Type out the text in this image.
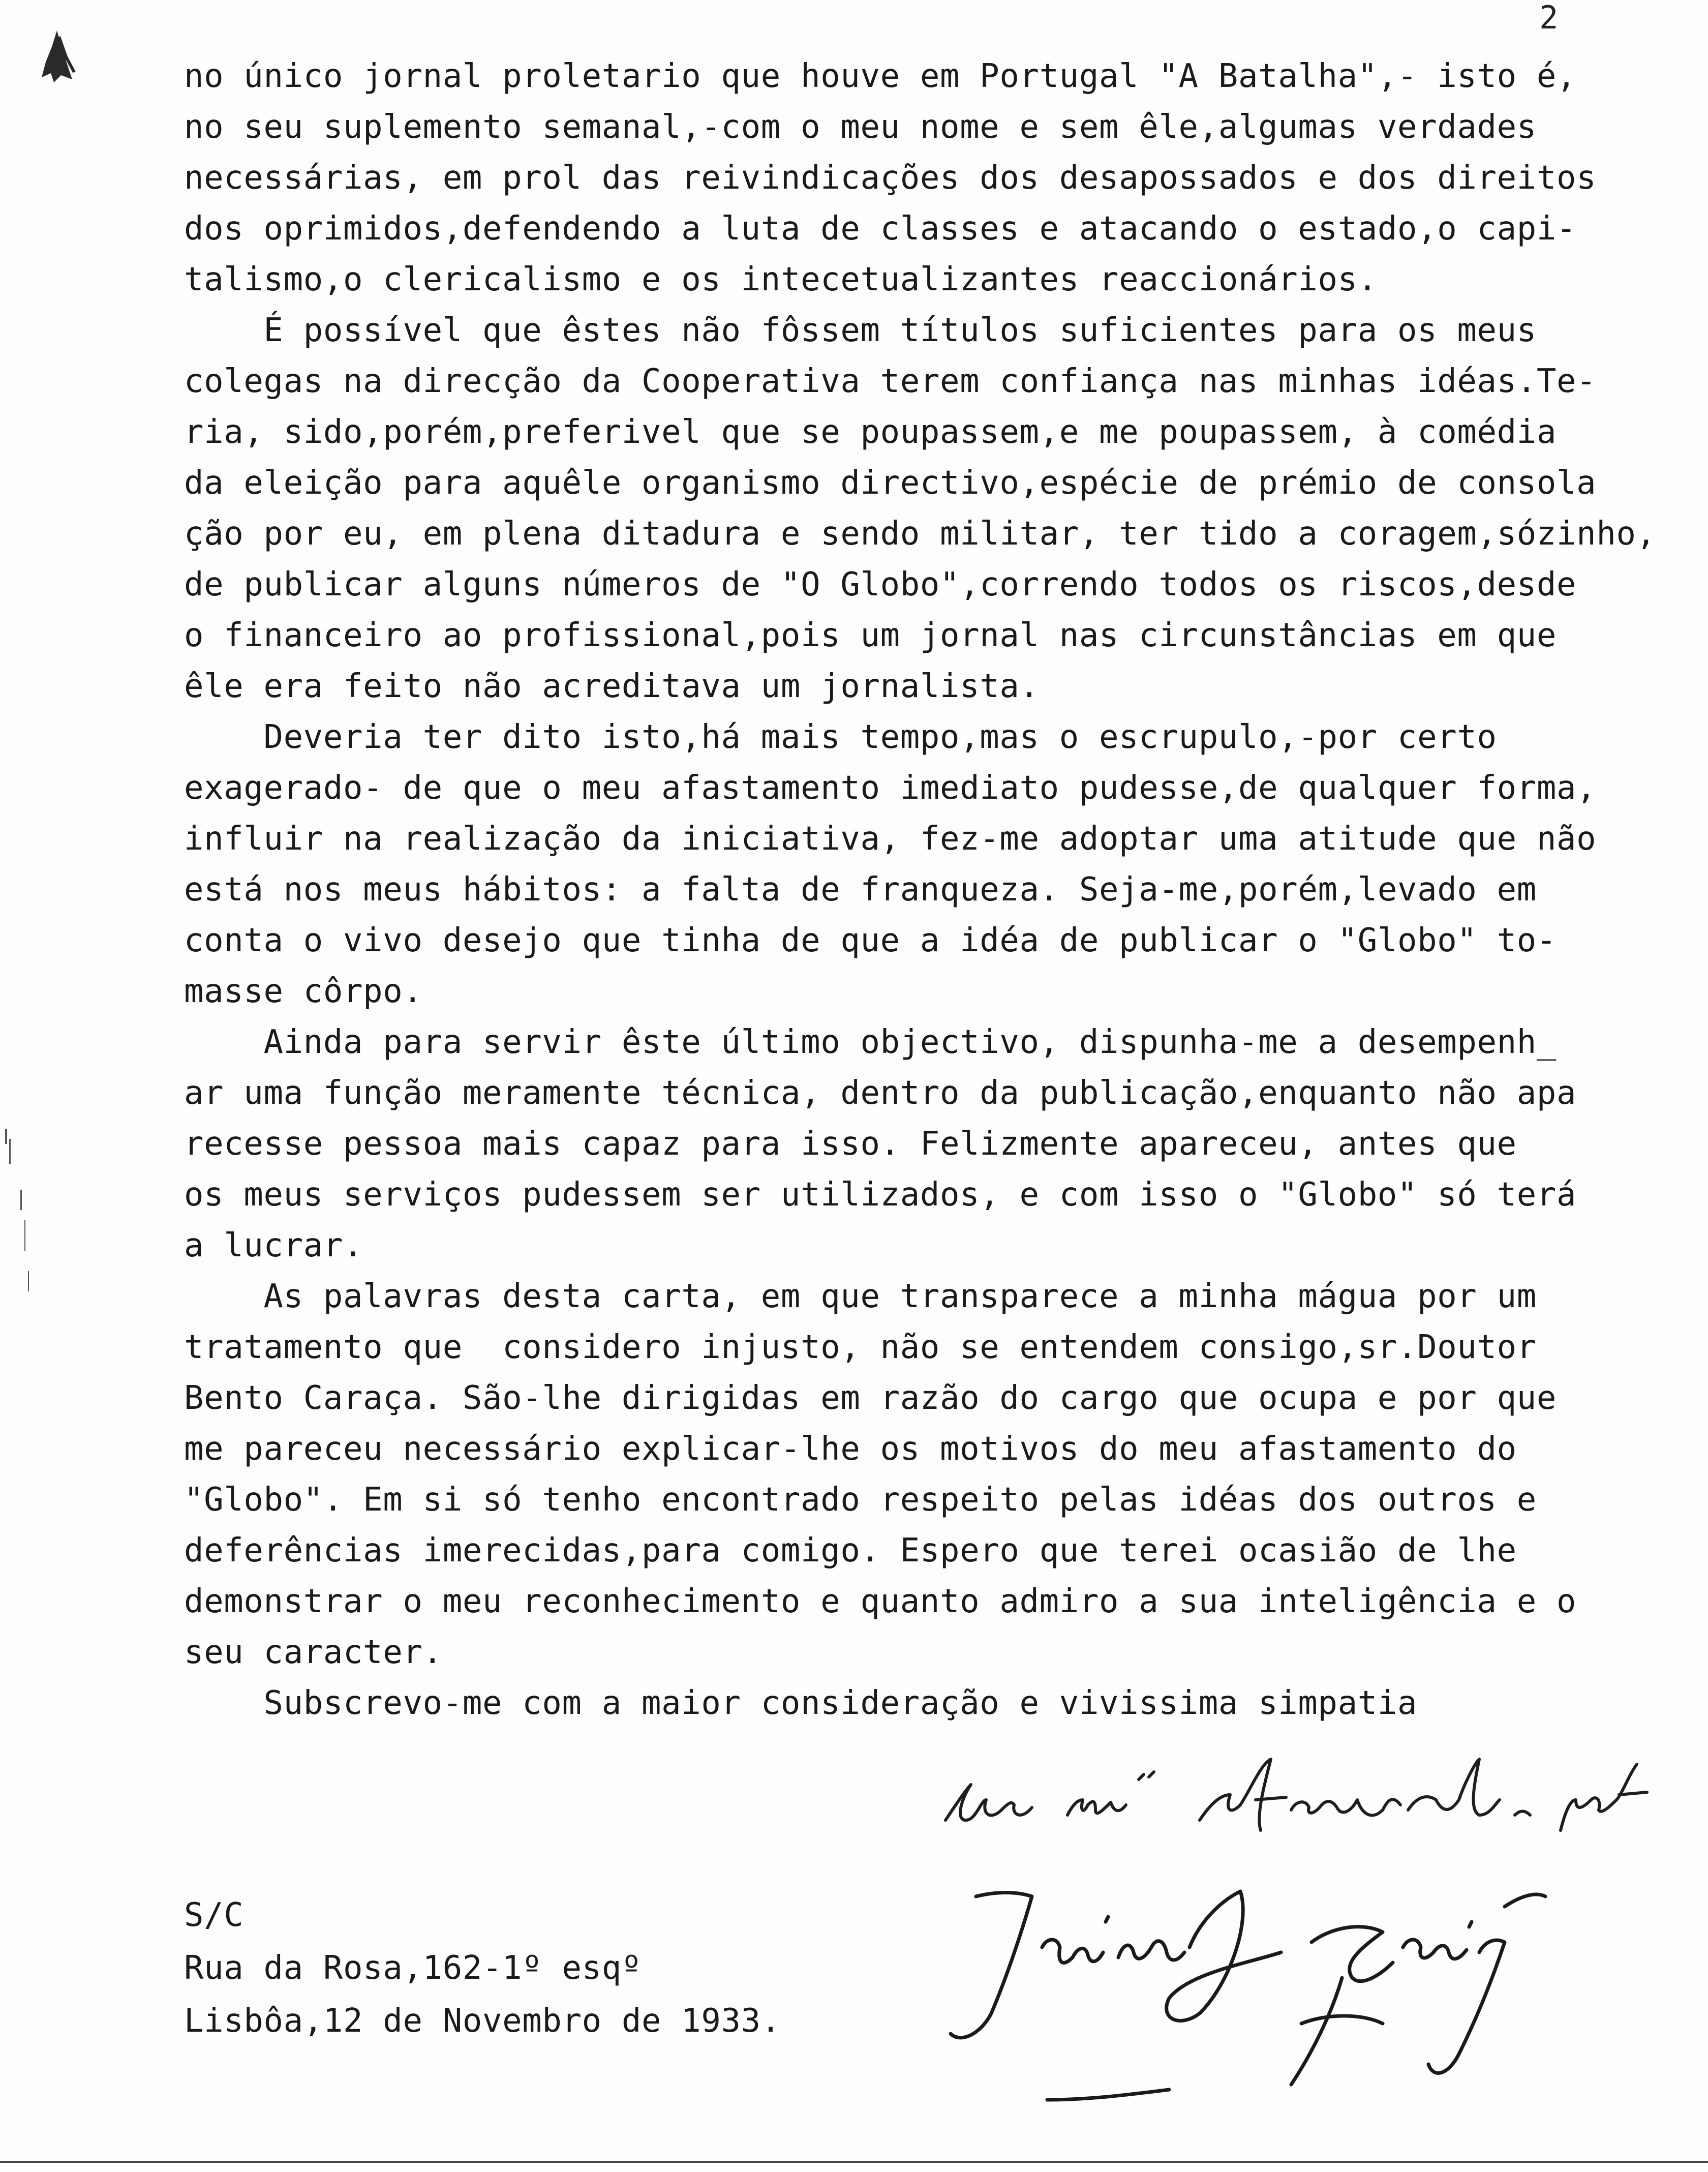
2
no único jornal proletario que houve em Portugal "A Batalha",- isto é,
no seu suplemento semanal,-com o meu nome e sem êle,algumas verdades
necessárias, em prol das reivindicações dos desapossados e dos direitos
dos oprimidos,defendendo a luta de classes e atacando o estado,o capi-
talismo,o clericalismo e os intecetualizantes reaccionários.
É possível que êstes não fôssem títulos suficientes para os meus
colegas na direcção da Cooperativa terem confiança nas minhas idéas.Te-
ria, sido,porém,preferivel que se poupassem,e me poupassem, à comédia
da eleição para aquêle organismo directivo,espécie de prémio de consola
ção por eu, em plena ditadura e sendo militar, ter tido a coragem,sózinho,
de publicar alguns números de "O Globo",correndo todos os riscos,desde
o financeiro ao profissional,pois um jornal nas circunstâncias em que
êle era feito não acreditava um jornalista.
Deveria ter dito isto,há mais tempo,mas o escrupulo,-por certo
exagerado- de que o meu afastamento imediato pudesse,de qualquer forma,
influir na realização da iniciativa, fez-me adoptar uma atitude que não
está nos meus hábitos: a falta de franqueza. Seja-me,porém,levado em
conta o vivo desejo que tinha de que a idéa de publicar o "Globo" to-
masse côrpo.
Ainda para servir êste último objectivo, dispunha-me a desempenh_
ar uma função meramente técnica, dentro da publicação,enquanto não apa
recesse pessoa mais capaz para isso. Felizmente apareceu, antes que
os meus serviços pudessem ser utilizados, e com isso o "Globo" só terá
a lucrar.
As palavras desta carta, em que transparece a minha mágua por um
tratamento que  considero injusto, não se entendem consigo,sr.Doutor
Bento Caraça. São-lhe dirigidas em razão do cargo que ocupa e por que
me pareceu necessário explicar-lhe os motivos do meu afastamento do
"Globo". Em si só tenho encontrado respeito pelas idéas dos outros e
deferências imerecidas,para comigo. Espero que terei ocasião de lhe
demonstrar o meu reconhecimento e quanto admiro a sua inteligência e o
seu caracter.
Subscrevo-me com a maior consideração e vivissima simpatia
S/C
Rua da Rosa,162-1º esqº
Lisbôa,12 de Novembro de 1933.
